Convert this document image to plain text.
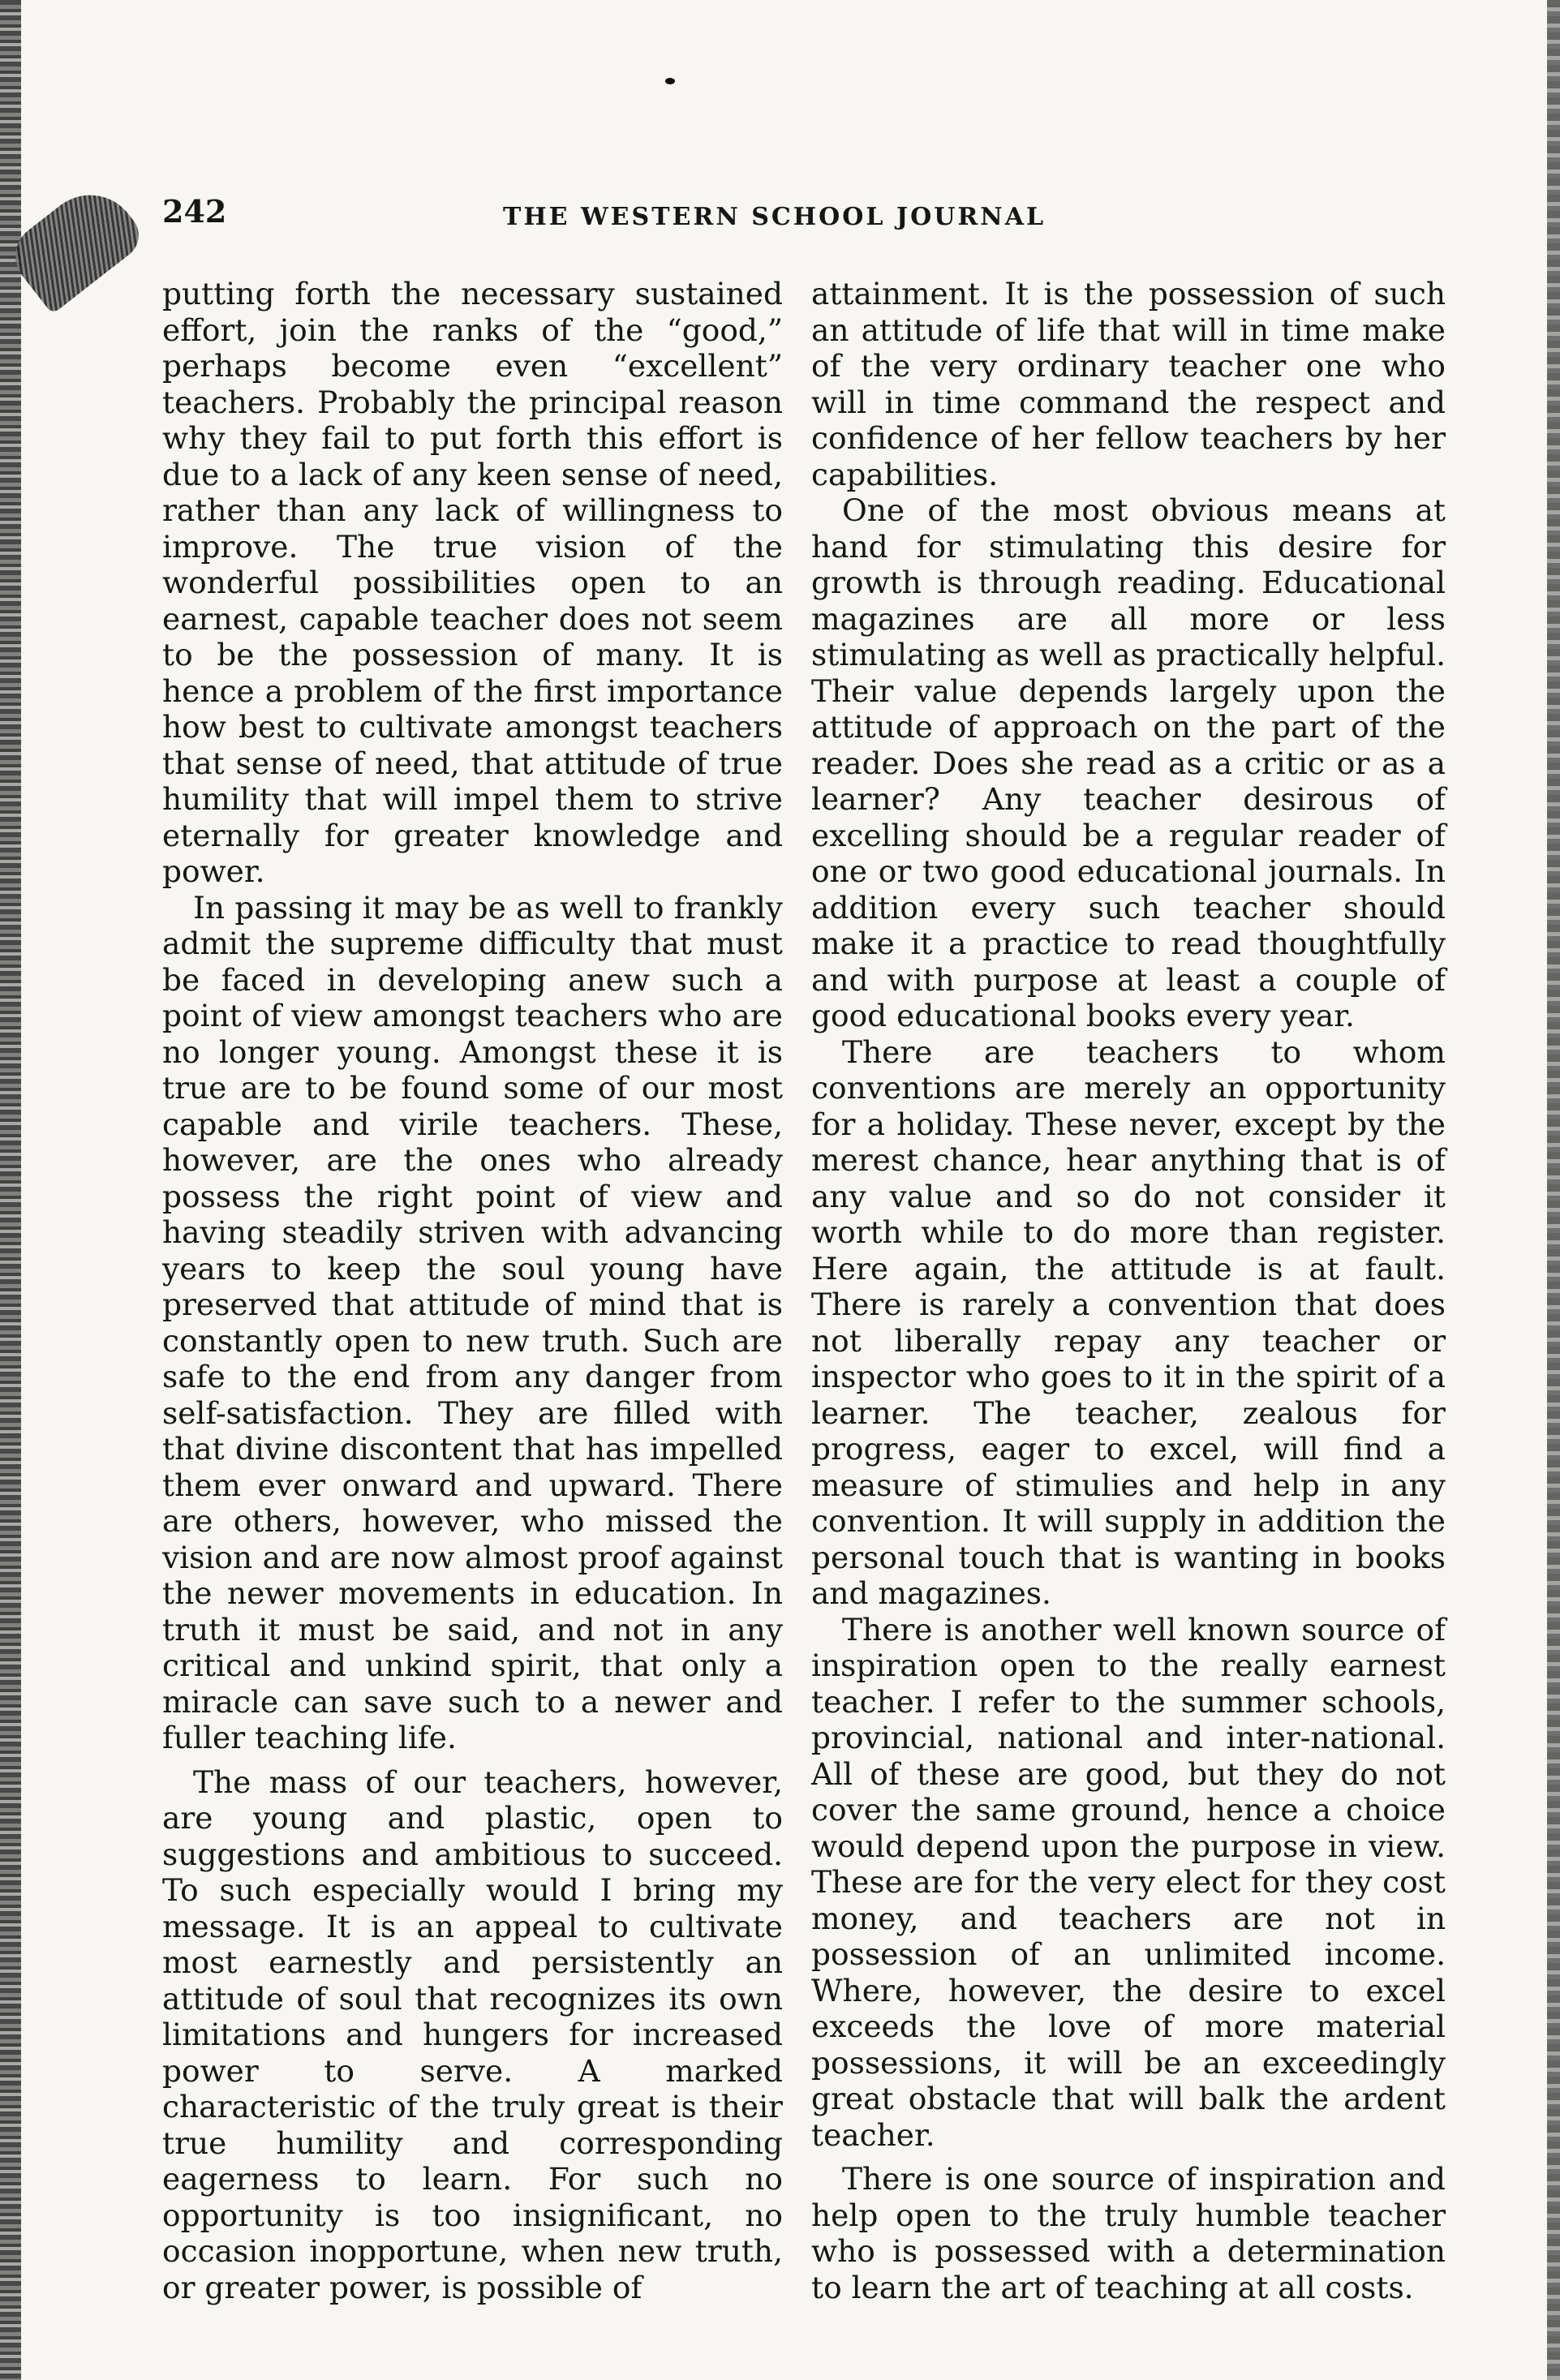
242	THE WESTERN SCHOOL JOURNAL

putting forth the necessary sustained effort, join the ranks of the “good,” perhaps become even “excellent” teachers. Probably the principal reason why they fail to put forth this effort is due to a lack of any keen sense of need, rather than any lack of willingness to improve. The true vision of the wonderful possibilities open to an earnest, capable teacher does not seem to be the possession of many. It is hence a problem of the first importance how best to cultivate amongst teachers that sense of need, that attitude of true humility that will impel them to strive eternally for greater knowledge and power.

In passing it may be as well to frankly admit the supreme difficulty that must be faced in developing anew such a point of view amongst teachers who are no longer young. Amongst these it is true are to be found some of our most capable and virile teachers. These, however, are the ones who already possess the right point of view and having steadily striven with advancing years to keep the soul young have preserved that attitude of mind that is constantly open to new truth. Such are safe to the end from any danger from self-satisfaction. They are filled with that divine discontent that has impelled them ever onward and upward. There are others, however, who missed the vision and are now almost proof against the newer movements in education. In truth it must be said, and not in any critical and unkind spirit, that only a miracle can save such to a newer and fuller teaching life.

The mass of our teachers, however, are young and plastic, open to suggestions and ambitious to succeed. To such especially would I bring my message. It is an appeal to cultivate most earnestly and persistently an attitude of soul that recognizes its own limitations and hungers for increased power to serve. A marked characteristic of the truly great is their true humility and corresponding eagerness to learn. For such no opportunity is too insignificant, no occasion inopportune, when new truth, or greater power, is possible of

attainment. It is the possession of such an attitude of life that will in time make of the very ordinary teacher one who will in time command the respect and confidence of her fellow teachers by her capabilities.

One of the most obvious means at hand for stimulating this desire for growth is through reading. Educational magazines are all more or less stimulating as well as practically helpful. Their value depends largely upon the attitude of approach on the part of the reader. Does she read as a critic or as a learner? Any teacher desirous of excelling should be a regular reader of one or two good educational journals. In addition every such teacher should make it a practice to read thoughtfully and with purpose at least a couple of good educational books every year.

There are teachers to whom conventions are merely an opportunity for a holiday. These never, except by the merest chance, hear anything that is of any value and so do not consider it worth while to do more than register. Here again, the attitude is at fault. There is rarely a convention that does not liberally repay any teacher or inspector who goes to it in the spirit of a learner. The teacher, zealous for progress, eager to excel, will find a measure of stimulies and help in any convention. It will supply in addition the personal touch that is wanting in books and magazines.

There is another well known source of inspiration open to the really earnest teacher. I refer to the summer schools, provincial, national and inter-national. All of these are good, but they do not cover the same ground, hence a choice would depend upon the purpose in view. These are for the very elect for they cost money, and teachers are not in possession of an unlimited income. Where, however, the desire to excel exceeds the love of more material possessions, it will be an exceedingly great obstacle that will balk the ardent teacher.

There is one source of inspiration and help open to the truly humble teacher who is possessed with a determination to learn the art of teaching at all costs.
